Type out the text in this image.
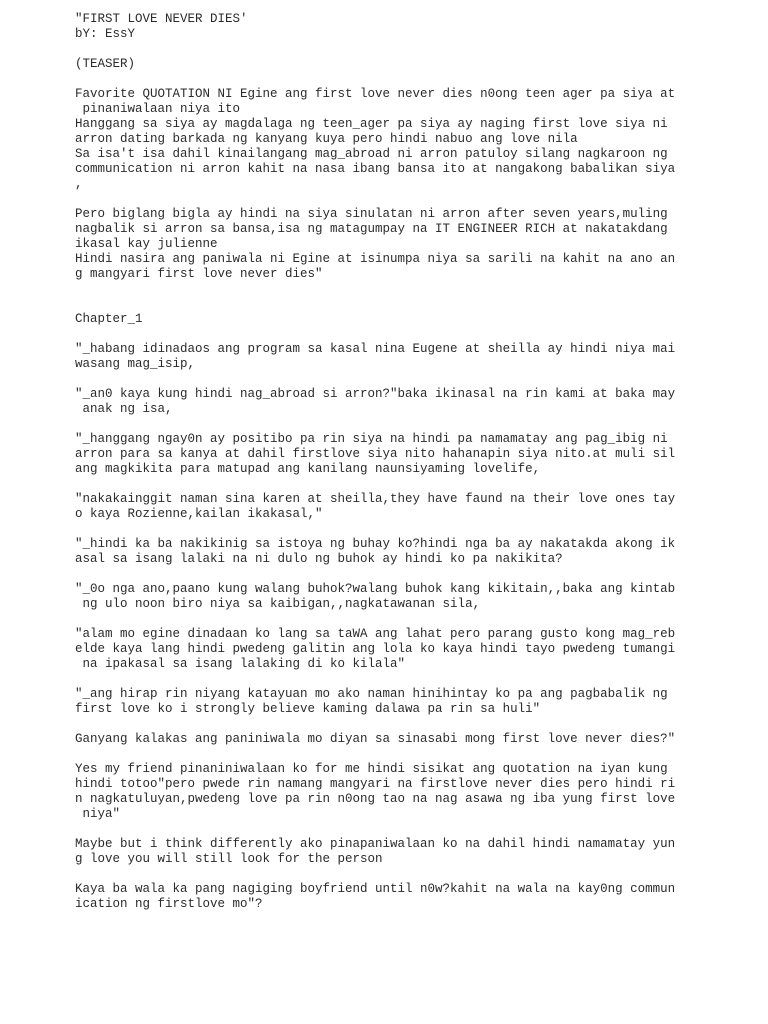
"FIRST LOVE NEVER DIES'
bY: EssY
(TEASER)
Favorite QUOTATION NI Egine ang first love never dies n0ong teen ager pa siya at
pinaniwalaan niya ito
Hanggang sa siya ay magdalaga ng teen_ager pa siya ay naging first love siya ni
arron dating barkada ng kanyang kuya pero hindi nabuo ang love nila
Sa isa't isa dahil kinailangang mag_abroad ni arron patuloy silang nagkaroon ng
communication ni arron kahit na nasa ibang bansa ito at nangakong babalikan siya
,
Pero biglang bigla ay hindi na siya sinulatan ni arron after seven years,muling
nagbalik si arron sa bansa,isa ng matagumpay na IT ENGINEER RICH at nakatakdang
ikasal kay julienne
Hindi nasira ang paniwala ni Egine at isinumpa niya sa sarili na kahit na ano an
g mangyari first love never dies"
Chapter_1
"_habang idinadaos ang program sa kasal nina Eugene at sheilla ay hindi niya mai
wasang mag_isip,
"_an0 kaya kung hindi nag_abroad si arron?"baka ikinasal na rin kami at baka may
anak ng isa,
"_hanggang ngay0n ay positibo pa rin siya na hindi pa namamatay ang pag_ibig ni
arron para sa kanya at dahil firstlove siya nito hahanapin siya nito.at muli sil
ang magkikita para matupad ang kanilang naunsiyaming lovelife,
"nakakainggit naman sina karen at sheilla,they have faund na their love ones tay
o kaya Rozienne,kailan ikakasal,"
"_hindi ka ba nakikinig sa istoya ng buhay ko?hindi nga ba ay nakatakda akong ik
asal sa isang lalaki na ni dulo ng buhok ay hindi ko pa nakikita?
"_0o nga ano,paano kung walang buhok?walang buhok kang kikitain,,baka ang kintab
ng ulo noon biro niya sa kaibigan,,nagkatawanan sila,
"alam mo egine dinadaan ko lang sa taWA ang lahat pero parang gusto kong mag_reb
elde kaya lang hindi pwedeng galitin ang lola ko kaya hindi tayo pwedeng tumangi
na ipakasal sa isang lalaking di ko kilala"
"_ang hirap rin niyang katayuan mo ako naman hinihintay ko pa ang pagbabalik ng
first love ko i strongly believe kaming dalawa pa rin sa huli"
Ganyang kalakas ang paniniwala mo diyan sa sinasabi mong first love never dies?"
Yes my friend pinaniniwalaan ko for me hindi sisikat ang quotation na iyan kung
hindi totoo"pero pwede rin namang mangyari na firstlove never dies pero hindi ri
n nagkatuluyan,pwedeng love pa rin n0ong tao na nag asawa ng iba yung first love
niya"
Maybe but i think differently ako pinapaniwalaan ko na dahil hindi namamatay yun
g love you will still look for the person
Kaya ba wala ka pang nagiging boyfriend until n0w?kahit na wala na kay0ng commun
ication ng firstlove mo"?
